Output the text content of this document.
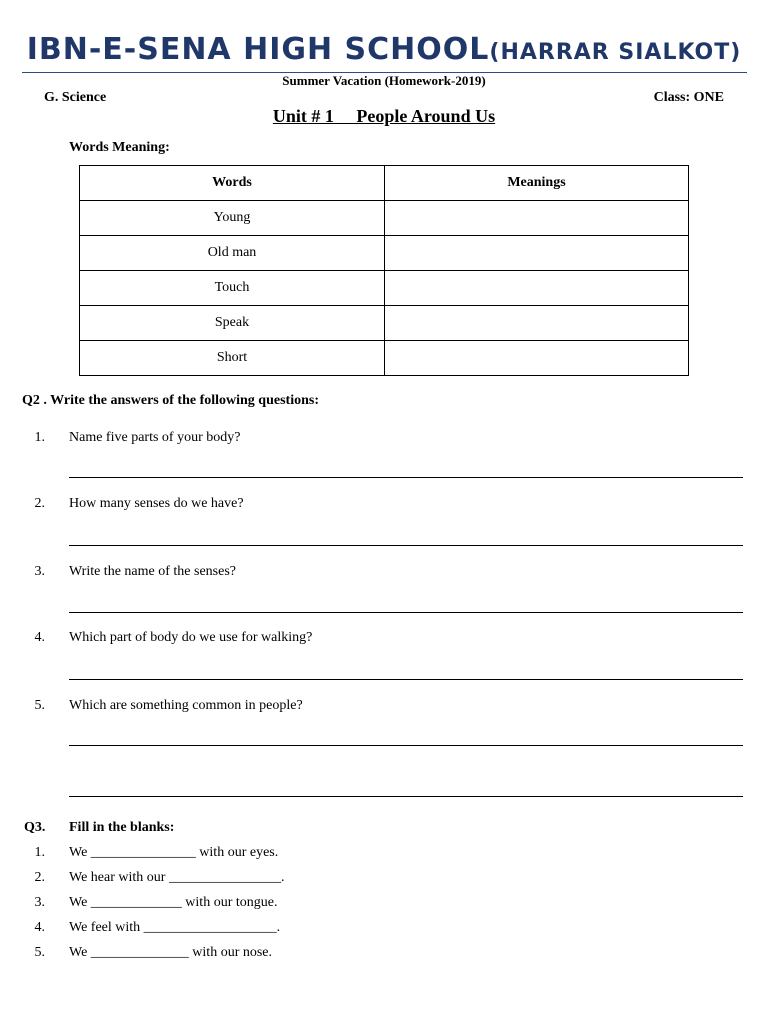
IBN-E-SENA HIGH SCHOOL(HARRAR SIALKOT)
Summer Vacation (Homework-2019)
G. Science	Class: ONE
Unit # 1     People Around Us
Words Meaning:
Words	Meanings
Young	
Old man	
Touch	
Speak	
Short	
Q2 . Write the answers of the following questions:
1. Name five parts of your body?
2. How many senses do we have?
3. Write the name of the senses?
4. Which part of body do we use for walking?
5. Which are something common in people?
Q3. Fill in the blanks:
1. We _______________ with our eyes.
2. We hear with our ________________.
3. We _____________ with our tongue.
4. We feel with ___________________.
5. We ______________ with our nose.
